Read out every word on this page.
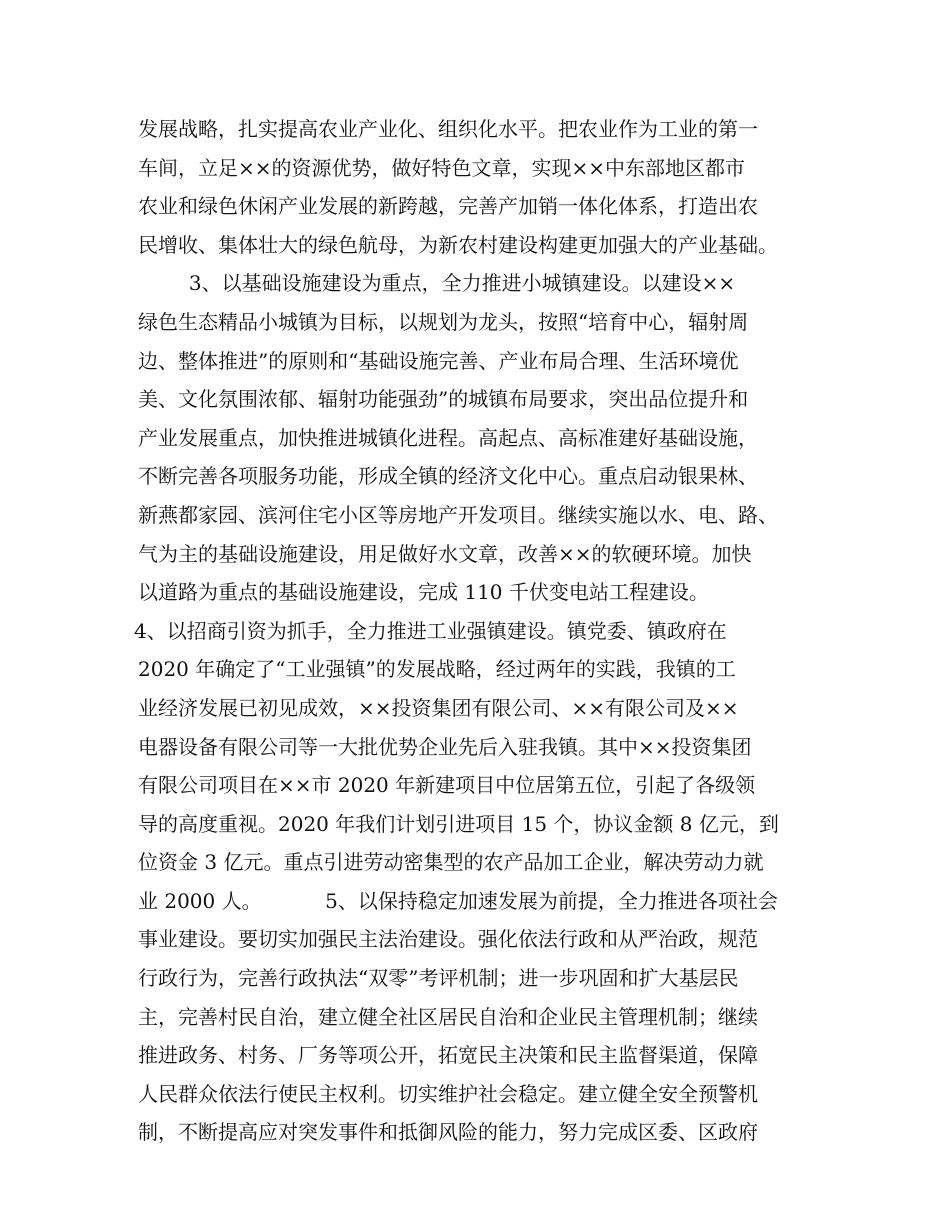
发展战略，扎实提高农业产业化、组织化水平。把农业作为工业的第一
车间，立足××的资源优势，做好特色文章，实现××中东部地区都市
农业和绿色休闲产业发展的新跨越，完善产加销一体化体系，打造出农
民增收、集体壮大的绿色航母，为新农村建设构建更加强大的产业基础。
3、以基础设施建设为重点，全力推进小城镇建设。以建设××
绿色生态精品小城镇为目标，以规划为龙头，按照“培育中心，辐射周
边、整体推进”的原则和“基础设施完善、产业布局合理、生活环境优
美、文化氛围浓郁、辐射功能强劲”的城镇布局要求，突出品位提升和
产业发展重点，加快推进城镇化进程。高起点、高标准建好基础设施，
不断完善各项服务功能，形成全镇的经济文化中心。重点启动银果林、
新燕都家园、滨河住宅小区等房地产开发项目。继续实施以水、电、路、
气为主的基础设施建设，用足做好水文章，改善××的软硬环境。加快
以道路为重点的基础设施建设，完成 110 千伏变电站工程建设。
4、以招商引资为抓手，全力推进工业强镇建设。镇党委、镇政府在
2020 年确定了“工业强镇”的发展战略，经过两年的实践，我镇的工
业经济发展已初见成效，××投资集团有限公司、××有限公司及××
电器设备有限公司等一大批优势企业先后入驻我镇。其中××投资集团
有限公司项目在××市 2020 年新建项目中位居第五位，引起了各级领
导的高度重视。2020 年我们计划引进项目 15 个，协议金额 8 亿元，到
位资金 3 亿元。重点引进劳动密集型的农产品加工企业，解决劳动力就
业 2000 人。          5、以保持稳定加速发展为前提，全力推进各项社会
事业建设。要切实加强民主法治建设。强化依法行政和从严治政，规范
行政行为，完善行政执法“双零”考评机制；进一步巩固和扩大基层民
主，完善村民自治，建立健全社区居民自治和企业民主管理机制；继续
推进政务、村务、厂务等项公开，拓宽民主决策和民主监督渠道，保障
人民群众依法行使民主权利。切实维护社会稳定。建立健全安全预警机
制，不断提高应对突发事件和抵御风险的能力，努力完成区委、区政府
